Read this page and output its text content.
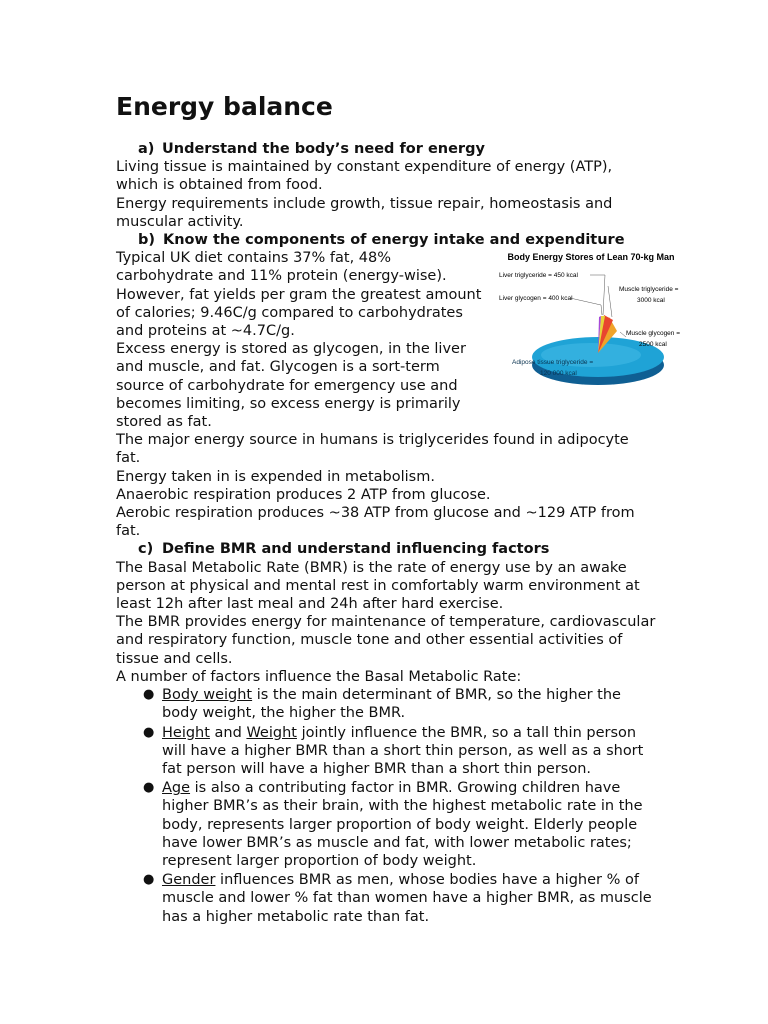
Energy balance
a) Understand the body’s need for energy

Living tissue is maintained by constant expenditure of energy (ATP), which is obtained from food.

Energy requirements include growth, tissue repair, homeostasis and muscular activity.

b) Know the components of energy intake and expenditure
Body Energy Stores of Lean 70-kg Man
Liver triglyceride = 450 kcal
Liver glycogen = 400 kcal
Muscle triglyceride =
3000 kcal
Muscle glycogen =
2500 kcal
Adipose tissue triglyceride =
120 000 kcal

Typical UK diet contains 37% fat, 48% carbohydrate and 11% protein (energy-wise). However, fat yields per gram the greatest amount of calories; 9.46C/g compared to carbohydrates and proteins at ~4.7C/g.

Excess energy is stored as glycogen, in the liver and muscle, and fat. Glycogen is a sort-term source of carbohydrate for emergency use and becomes limiting, so excess energy is primarily stored as fat.

The major energy source in humans is triglycerides found in adipocyte fat.

Energy taken in is expended in metabolism.

Anaerobic respiration produces 2 ATP from glucose.

Aerobic respiration produces ~38 ATP from glucose and ~129 ATP from fat.

c) Define BMR and understand influencing factors

The Basal Metabolic Rate (BMR) is the rate of energy use by an awake person at physical and mental rest in comfortably warm environment at least 12h after last meal and 24h after hard exercise.

The BMR provides energy for maintenance of temperature, cardiovascular and respiratory function, muscle tone and other essential activities of tissue and cells.

A number of factors influence the Basal Metabolic Rate:

● Body weight is the main determinant of BMR, so the higher the body weight, the higher the BMR.
● Height and Weight jointly influence the BMR, so a tall thin person will have a higher BMR than a short thin person, as well as a short fat person will have a higher BMR than a short thin person.
● Age is also a contributing factor in BMR. Growing children have higher BMR’s as their brain, with the highest metabolic rate in the body, represents larger proportion of body weight. Elderly people have lower BMR’s as muscle and fat, with lower metabolic rates; represent larger proportion of body weight.
● Gender influences BMR as men, whose bodies have a higher % of muscle and lower % fat than women have a higher BMR, as muscle has a higher metabolic rate than fat.
